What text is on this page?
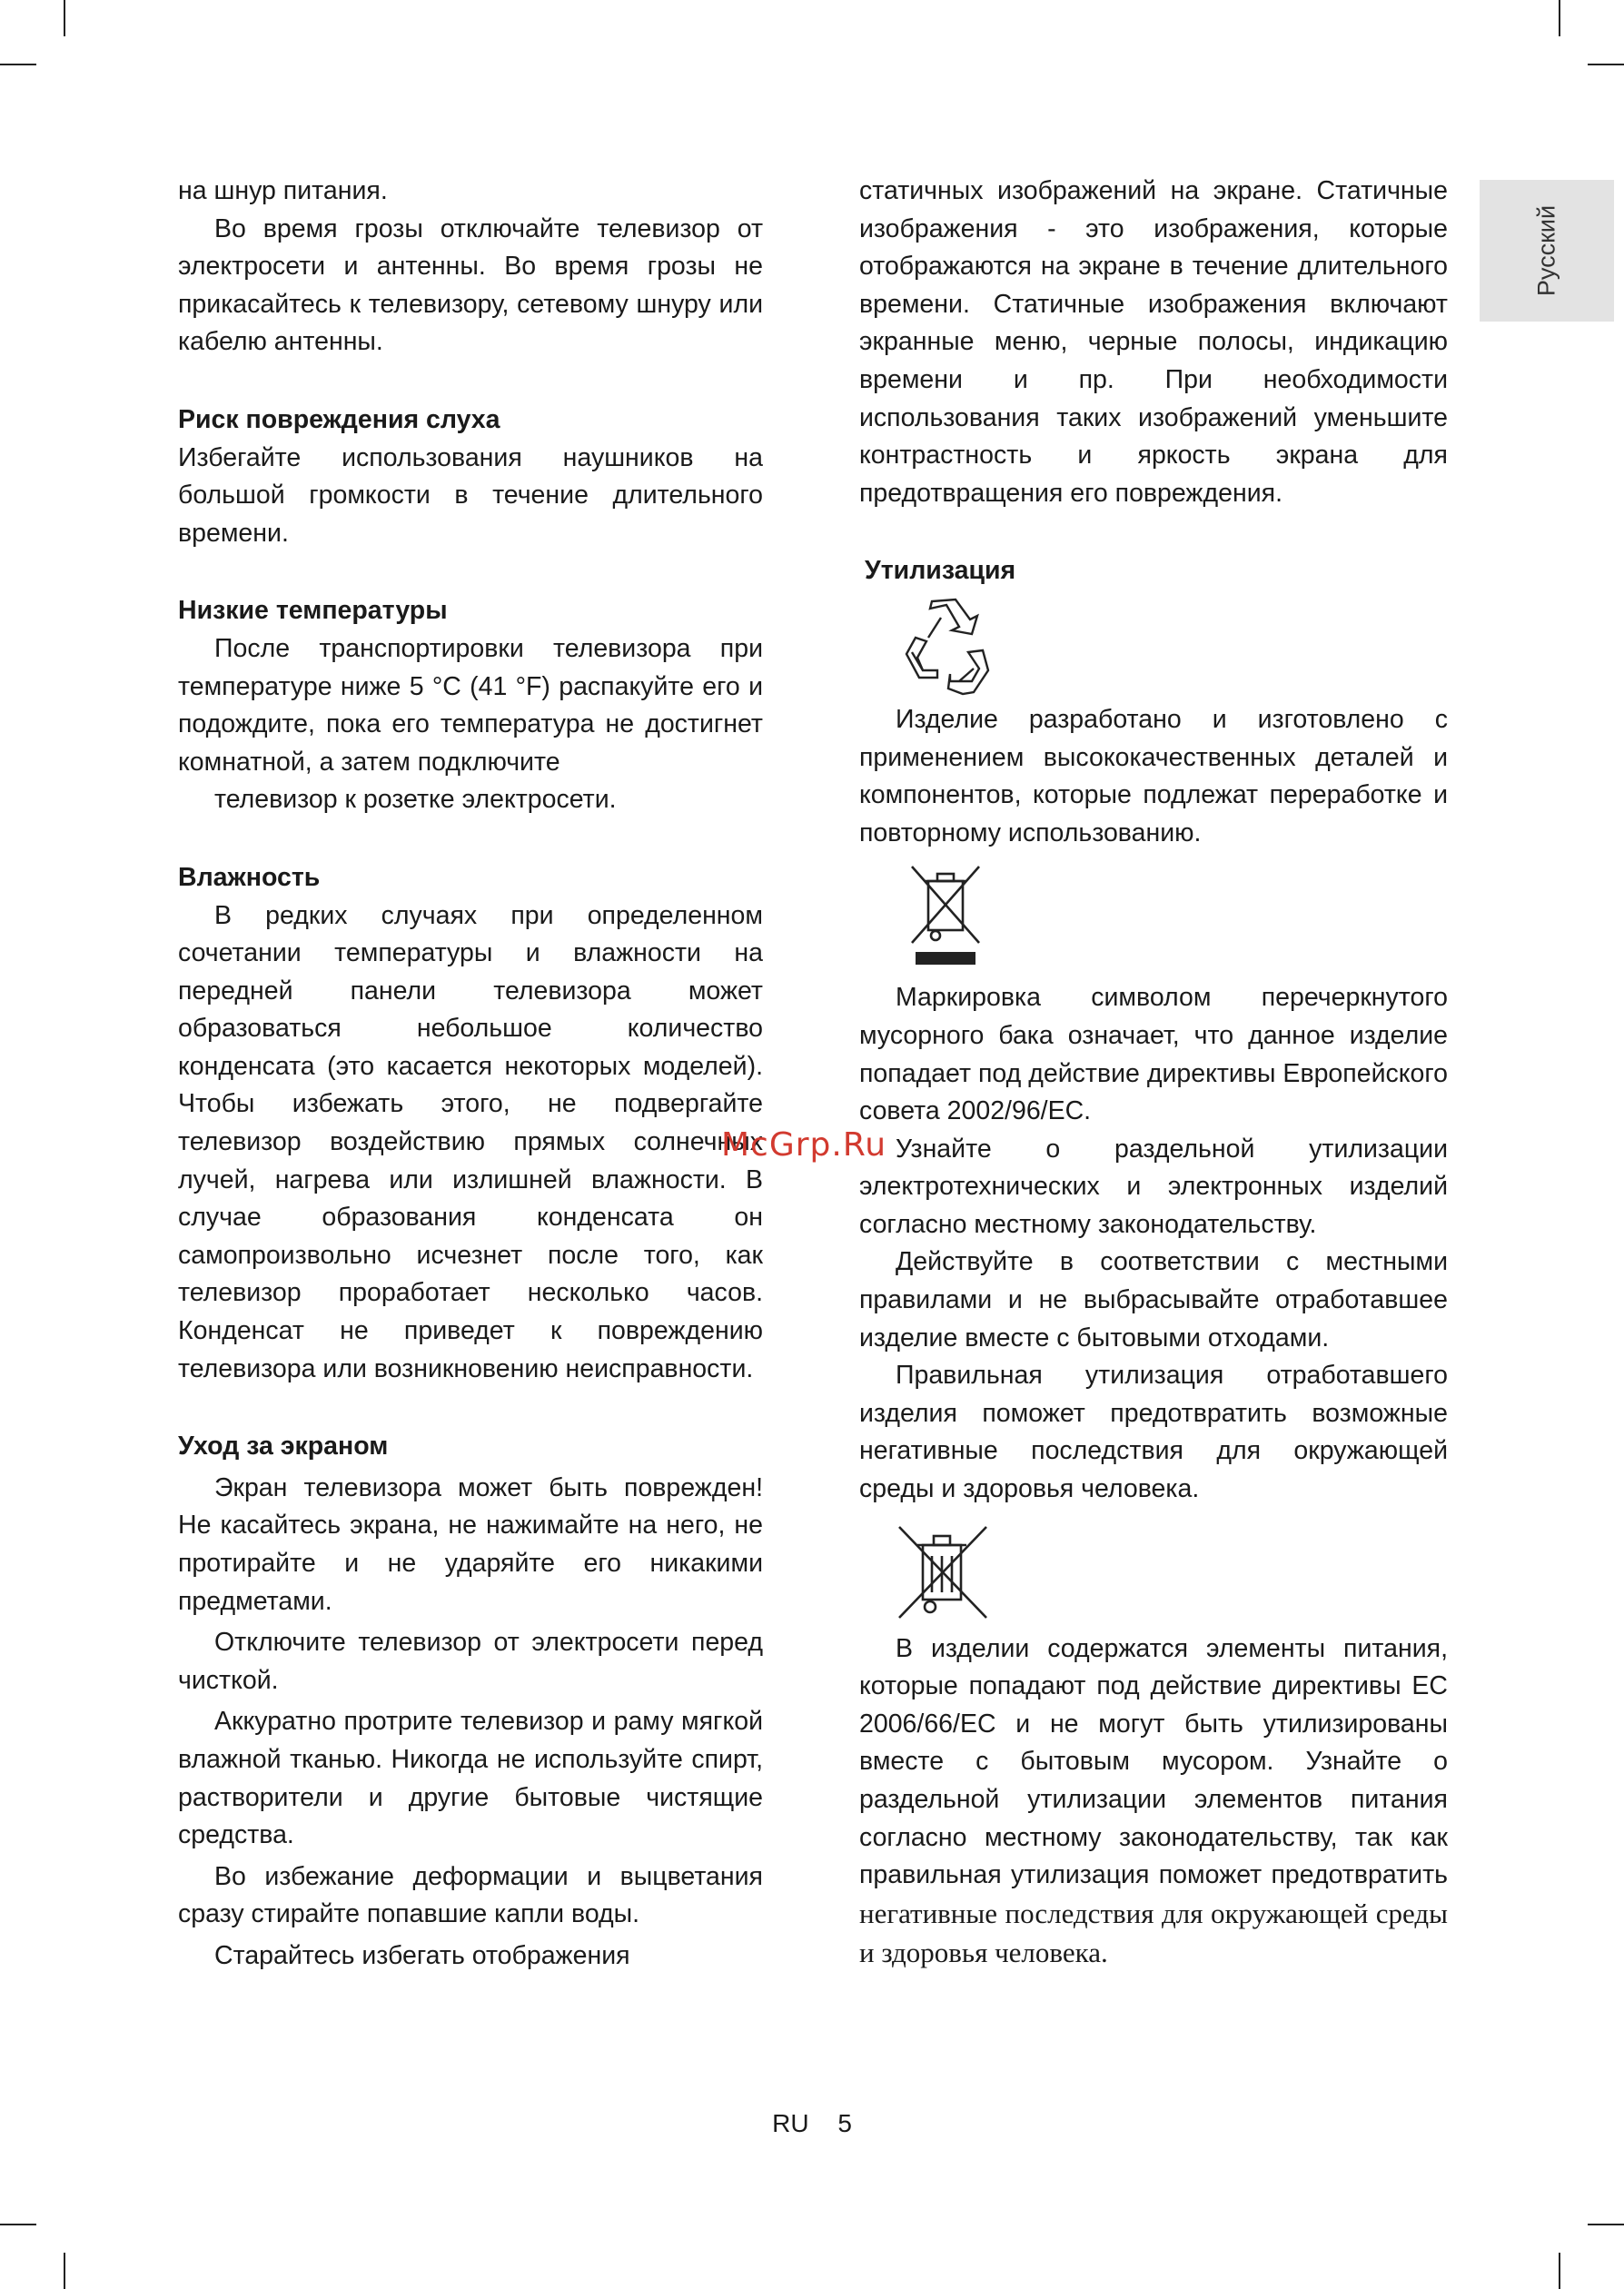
Русский

на шнур питания.

Во время грозы отключайте телевизор от электросети и антенны. Во время грозы не прикасайтесь к телевизору, сетевому шнуру или кабелю антенны.

Риск повреждения слуха

Избегайте использования наушников на большой громкости в течение длительного времени.

Низкие температуры

После транспортировки телевизора при температуре ниже 5 °C (41 °F) распакуйте его и подождите, пока его температура не достигнет комнатной, а затем подключите

телевизор к розетке электросети.

Влажность

В редких случаях при определенном сочетании температуры и влажности на передней панели телевизора может образоваться небольшое количество конденсата (это касается некоторых моделей). Чтобы избежать этого, не подвергайте телевизор воздействию прямых солнечных лучей, нагрева или излишней влажности. В случае образования конденсата он самопроизвольно исчезнет после того, как телевизор проработает несколько часов. Конденсат не приведет к повреждению телевизора или возникновению неисправности.

Уход за экраном

Экран телевизора может быть поврежден! Не касайтесь экрана, не нажимайте на него, не протирайте и не ударяйте его никакими предметами.

Отключите телевизор от электросети перед чисткой.

Аккуратно протрите телевизор и раму мягкой влажной тканью. Никогда не используйте спирт, растворители и другие бытовые чистящие средства.

Во избежание деформации и выцветания сразу стирайте попавшие капли воды.

Старайтесь избегать отображения

статичных изображений на экране. Статичные изображения - это изображения, которые отображаются на экране в течение длительного времени. Статичные изображения включают экранные меню, черные полосы, индикацию времени и пр. При необходимости использования таких изображений уменьшите контрастность и яркость экрана для предотвращения его повреждения.

Утилизация

Изделие разработано и изготовлено с применением высококачественных деталей и компонентов, которые подлежат переработке и повторному использованию.

Маркировка символом перечеркнутого мусорного бака означает, что данное изделие попадает под действие директивы Европейского совета 2002/96/EC.

Узнайте о раздельной утилизации электротехнических и электронных изделий согласно местному законодательству.

Действуйте в соответствии с местными правилами и не выбрасывайте отработавшее изделие вместе с бытовыми отходами.

Правильная утилизация отработавшего изделия поможет предотвратить возможные негативные последствия для окружающей среды и здоровья человека.

В изделии содержатся элементы питания, которые попадают под действие директивы ЕС 2006/66/ЕС и не могут быть утилизированы вместе с бытовым мусором. Узнайте о раздельной утилизации элементов питания согласно местному законодательству, так как правильная утилизация поможет предотвратить негативные последствия для окружающей среды и здоровья человека.

McGrp.Ru
RU 5
